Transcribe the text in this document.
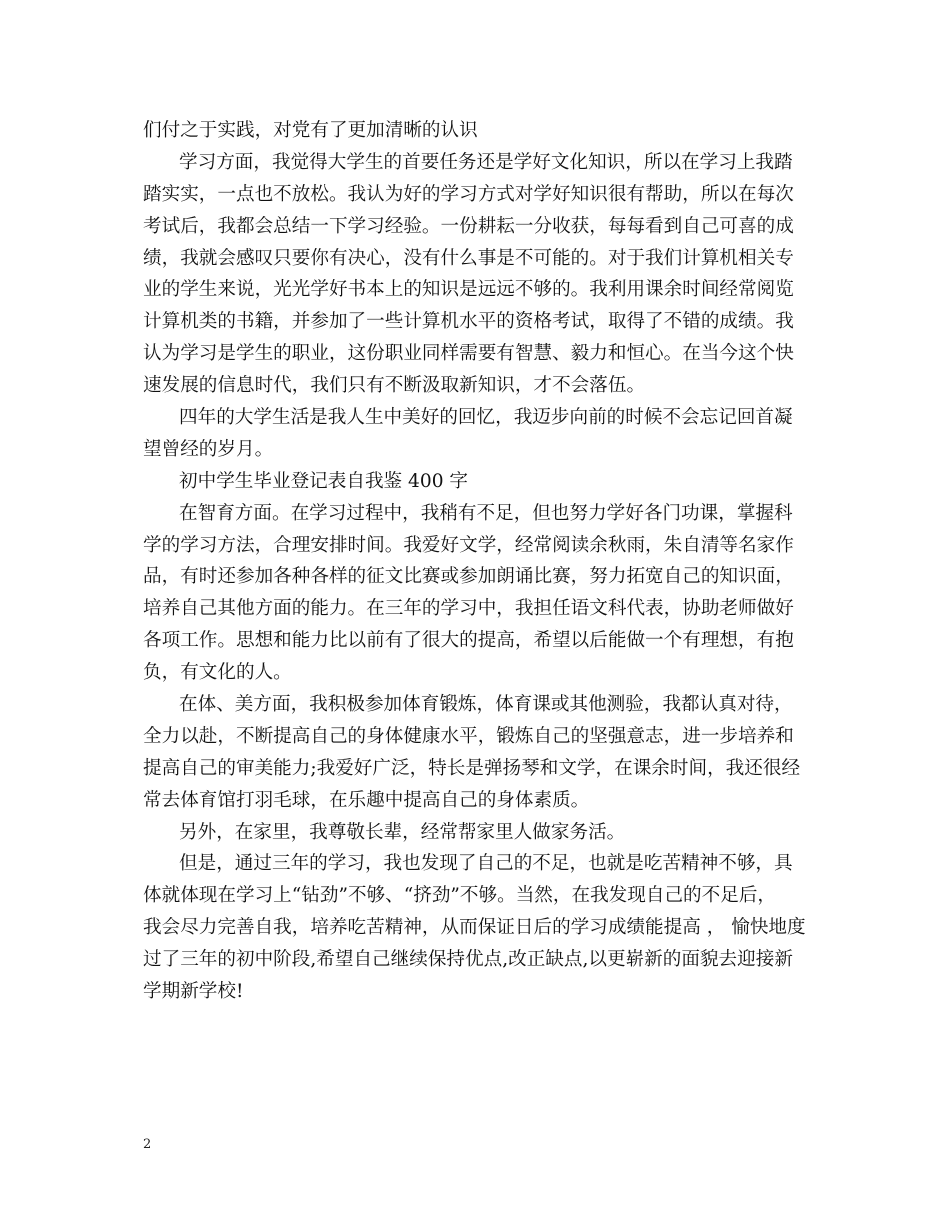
们付之于实践，对党有了更加清晰的认识
学习方面，我觉得大学生的首要任务还是学好文化知识，所以在学习上我踏
踏实实，一点也不放松。我认为好的学习方式对学好知识很有帮助，所以在每次
考试后，我都会总结一下学习经验。一份耕耘一分收获，每每看到自己可喜的成
绩，我就会感叹只要你有决心，没有什么事是不可能的。对于我们计算机相关专
业的学生来说，光光学好书本上的知识是远远不够的。我利用课余时间经常阅览
计算机类的书籍，并参加了一些计算机水平的资格考试，取得了不错的成绩。我
认为学习是学生的职业，这份职业同样需要有智慧、毅力和恒心。在当今这个快
速发展的信息时代，我们只有不断汲取新知识，才不会落伍。
四年的大学生活是我人生中美好的回忆，我迈步向前的时候不会忘记回首凝
望曾经的岁月。
初中学生毕业登记表自我鉴 400 字
在智育方面。在学习过程中，我稍有不足，但也努力学好各门功课，掌握科
学的学习方法，合理安排时间。我爱好文学，经常阅读余秋雨，朱自清等名家作
品，有时还参加各种各样的征文比赛或参加朗诵比赛，努力拓宽自己的知识面，
培养自己其他方面的能力。在三年的学习中，我担任语文科代表，协助老师做好
各项工作。思想和能力比以前有了很大的提高，希望以后能做一个有理想，有抱
负，有文化的人。
在体、美方面，我积极参加体育锻炼，体育课或其他测验，我都认真对待，
全力以赴，不断提高自己的身体健康水平，锻炼自己的坚强意志，进一步培养和
提高自己的审美能力;我爱好广泛，特长是弹扬琴和文学，在课余时间，我还很经
常去体育馆打羽毛球，在乐趣中提高自己的身体素质。
另外，在家里，我尊敬长辈，经常帮家里人做家务活。
但是，通过三年的学习，我也发现了自己的不足，也就是吃苦精神不够，具
体就体现在学习上“钻劲”不够、“挤劲”不够。当然，在我发现自己的不足后，
我会尽力完善自我，培养吃苦精神，从而保证日后的学习成绩能提高 ， 愉快地度
过了三年的初中阶段,希望自己继续保持优点,改正缺点,以更崭新的面貌去迎接新
学期新学校!
2
